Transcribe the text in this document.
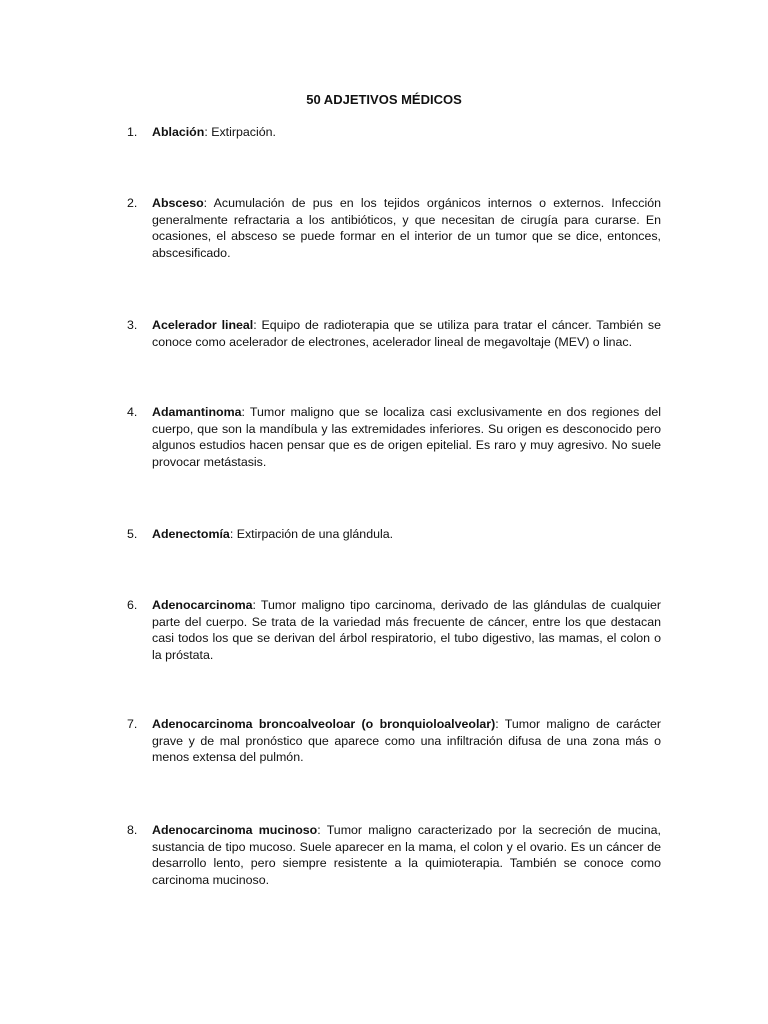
50 ADJETIVOS MÉDICOS
1.	Ablación: Extirpación.
2.	Absceso: Acumulación de pus en los tejidos orgánicos internos o externos. Infección generalmente refractaria a los antibióticos, y que necesitan de cirugía para curarse. En ocasiones, el absceso se puede formar en el interior de un tumor que se dice, entonces, abscesificado.
3.	Acelerador lineal: Equipo de radioterapia que se utiliza para tratar el cáncer. También se conoce como acelerador de electrones, acelerador lineal de megavoltaje (MEV) o linac.
4.	Adamantinoma: Tumor maligno que se localiza casi exclusivamente en dos regiones del cuerpo, que son la mandíbula y las extremidades inferiores. Su origen es desconocido pero algunos estudios hacen pensar que es de origen epitelial. Es raro y muy agresivo. No suele provocar metástasis.
5.	Adenectomía: Extirpación de una glándula.
6.	Adenocarcinoma: Tumor maligno tipo carcinoma, derivado de las glándulas de cualquier parte del cuerpo. Se trata de la variedad más frecuente de cáncer, entre los que destacan casi todos los que se derivan del árbol respiratorio, el tubo digestivo, las mamas, el colon o la próstata.
7.	Adenocarcinoma broncoalveoloar (o bronquioloalveolar): Tumor maligno de carácter grave y de mal pronóstico que aparece como una infiltración difusa de una zona más o menos extensa del pulmón.
8.	Adenocarcinoma mucinoso: Tumor maligno caracterizado por la secreción de mucina, sustancia de tipo mucoso. Suele aparecer en la mama, el colon y el ovario. Es un cáncer de desarrollo lento, pero siempre resistente a la quimioterapia. También se conoce como carcinoma mucinoso.
